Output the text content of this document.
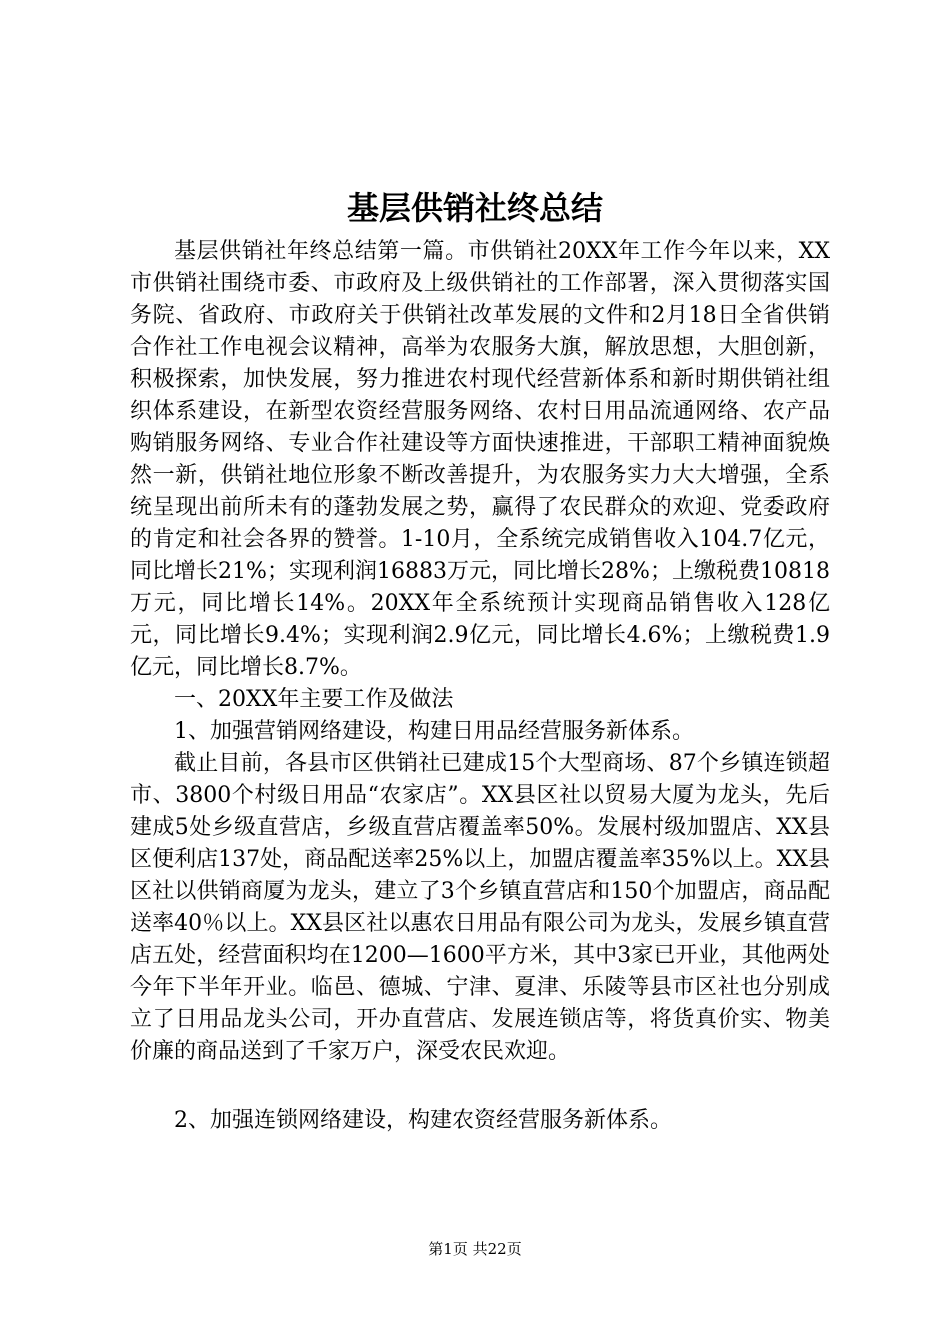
基层供销社终总结

基层供销社年终总结第一篇。市供销社20XX年工作今年以来，XX市供销社围绕市委、市政府及上级供销社的工作部署，深入贯彻落实国务院、省政府、市政府关于供销社改革发展的文件和2月18日全省供销合作社工作电视会议精神，高举为农服务大旗，解放思想，大胆创新，积极探索，加快发展，努力推进农村现代经营新体系和新时期供销社组织体系建设，在新型农资经营服务网络、农村日用品流通网络、农产品购销服务网络、专业合作社建设等方面快速推进，干部职工精神面貌焕然一新，供销社地位形象不断改善提升，为农服务实力大大增强，全系统呈现出前所未有的蓬勃发展之势，赢得了农民群众的欢迎、党委政府的肯定和社会各界的赞誉。1-10月，全系统完成销售收入104.7亿元，同比增长21%；实现利润16883万元，同比增长28%；上缴税费10818万元，同比增长14%。20XX年全系统预计实现商品销售收入128亿元，同比增长9.4%；实现利润2.9亿元，同比增长4.6%；上缴税费1.9亿元，同比增长8.7%。

一、20XX年主要工作及做法

1、加强营销网络建设，构建日用品经营服务新体系。

截止目前，各县市区供销社已建成15个大型商场、87个乡镇连锁超市、3800个村级日用品“农家店”。XX县区社以贸易大厦为龙头，先后建成5处乡级直营店，乡级直营店覆盖率50%。发展村级加盟店、XX县区便利店137处，商品配送率25%以上，加盟店覆盖率35%以上。XX县区社以供销商厦为龙头，建立了3个乡镇直营店和150个加盟店，商品配送率40％以上。XX县区社以惠农日用品有限公司为龙头，发展乡镇直营店五处，经营面积均在1200—1600平方米，其中3家已开业，其他两处今年下半年开业。临邑、德城、宁津、夏津、乐陵等县市区社也分别成立了日用品龙头公司，开办直营店、发展连锁店等，将货真价实、物美价廉的商品送到了千家万户，深受农民欢迎。

2、加强连锁网络建设，构建农资经营服务新体系。

第1页 共22页
